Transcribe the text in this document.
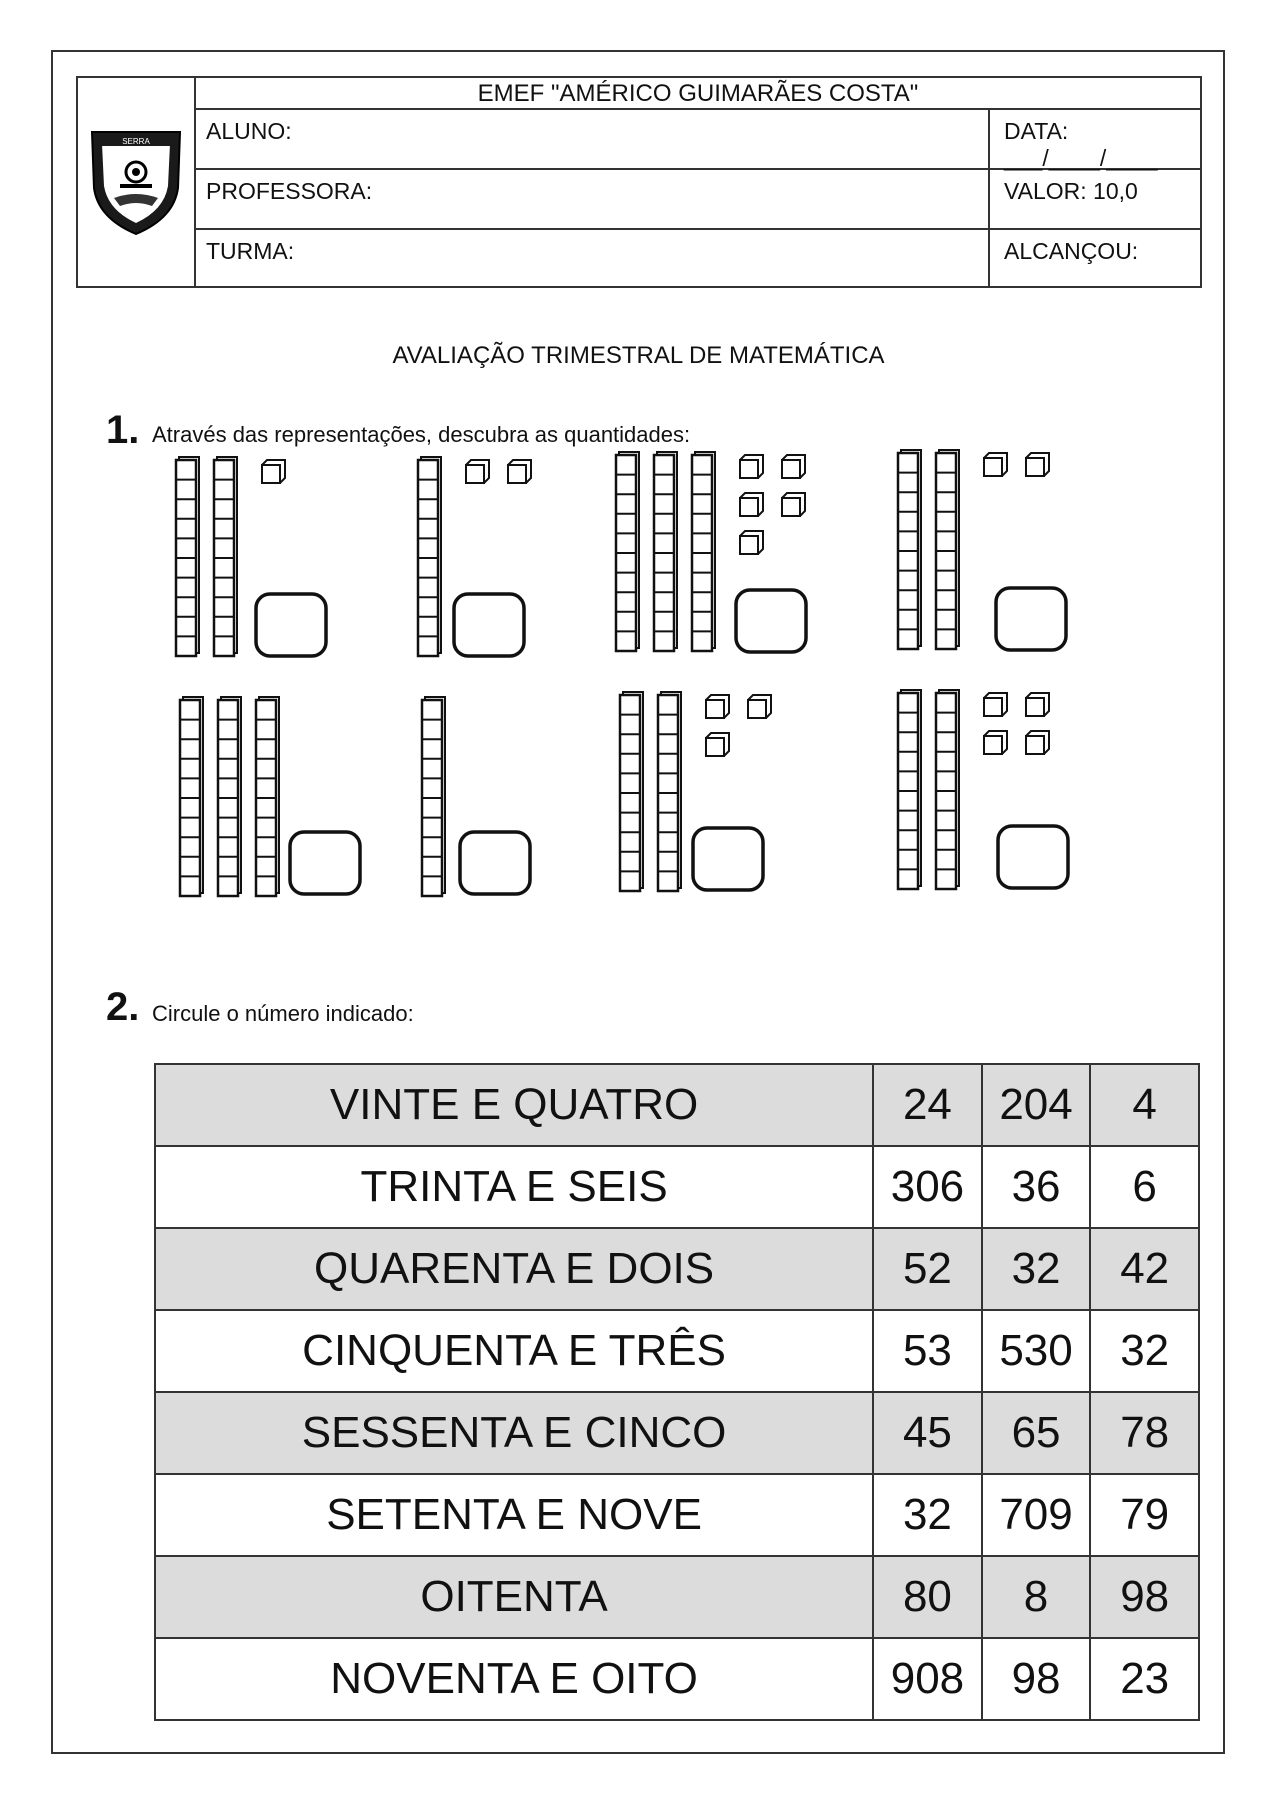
SERRA
EMEF "AMÉRICO GUIMARÃES COSTA"
ALUNO:	DATA: ___/____/____
PROFESSORA:	VALOR: 10,0
TURMA:	ALCANÇOU:
AVALIAÇÃO TRIMESTRAL DE MATEMÁTICA
1. Através das representações, descubra as quantidades:
2. Circule o número indicado:
VINTE E QUATRO	24	204	4
TRINTA E SEIS	306	36	6
QUARENTA E DOIS	52	32	42
CINQUENTA E TRÊS	53	530	32
SESSENTA E CINCO	45	65	78
SETENTA E NOVE	32	709	79
OITENTA	80	8	98
NOVENTA E OITO	908	98	23
